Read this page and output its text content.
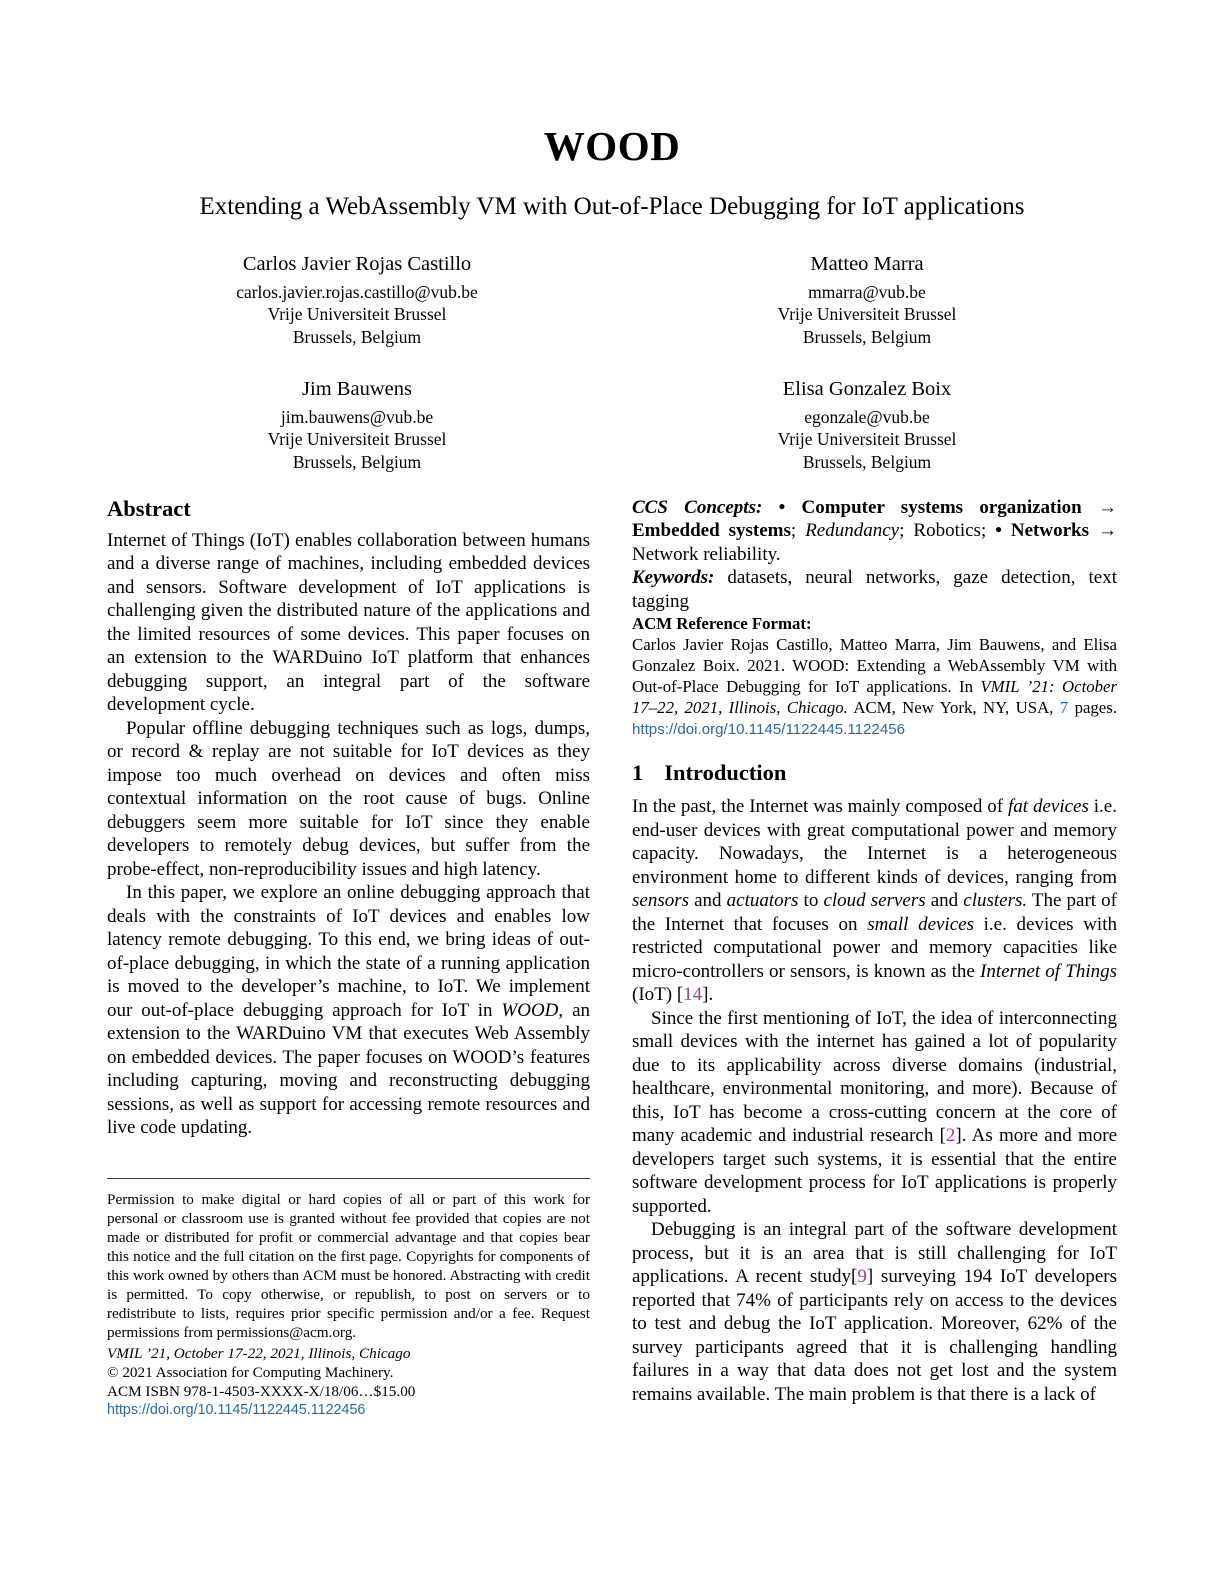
WOOD
Extending a WebAssembly VM with Out-of-Place Debugging for IoT applications
Carlos Javier Rojas Castillo
carlos.javier.rojas.castillo@vub.be
Vrije Universiteit Brussel
Brussels, Belgium
Matteo Marra
mmarra@vub.be
Vrije Universiteit Brussel
Brussels, Belgium
Jim Bauwens
jim.bauwens@vub.be
Vrije Universiteit Brussel
Brussels, Belgium
Elisa Gonzalez Boix
egonzale@vub.be
Vrije Universiteit Brussel
Brussels, Belgium
Abstract

Internet of Things (IoT) enables collaboration between humans and a diverse range of machines, including embedded devices and sensors. Software development of IoT applications is challenging given the distributed nature of the applications and the limited resources of some devices. This paper focuses on an extension to the WARDuino IoT platform that enhances debugging support, an integral part of the software development cycle.

Popular offline debugging techniques such as logs, dumps, or record & replay are not suitable for IoT devices as they impose too much overhead on devices and often miss contextual information on the root cause of bugs. Online debuggers seem more suitable for IoT since they enable developers to remotely debug devices, but suffer from the probe-effect, non-reproducibility issues and high latency.

In this paper, we explore an online debugging approach that deals with the constraints of IoT devices and enables low latency remote debugging. To this end, we bring ideas of out-of-place debugging, in which the state of a running application is moved to the developer’s machine, to IoT. We implement our out-of-place debugging approach for IoT in WOOD, an extension to the WARDuino VM that executes Web Assembly on embedded devices. The paper focuses on WOOD’s features including capturing, moving and reconstructing debugging sessions, as well as support for accessing remote resources and live code updating.

CCS Concepts: • Computer systems organization → Embedded systems; Redundancy; Robotics; • Networks → Network reliability.

Keywords: datasets, neural networks, gaze detection, text tagging

ACM Reference Format:
Carlos Javier Rojas Castillo, Matteo Marra, Jim Bauwens, and Elisa Gonzalez Boix. 2021. WOOD: Extending a WebAssembly VM with Out-of-Place Debugging for IoT applications. In VMIL ’21: October 17–22, 2021, Illinois, Chicago. ACM, New York, NY, USA, 7 pages. https://doi.org/10.1145/1122445.1122456
1 Introduction

In the past, the Internet was mainly composed of fat devices i.e. end-user devices with great computational power and memory capacity. Nowadays, the Internet is a heterogeneous environment home to different kinds of devices, ranging from sensors and actuators to cloud servers and clusters. The part of the Internet that focuses on small devices i.e. devices with restricted computational power and memory capacities like micro-controllers or sensors, is known as the Internet of Things (IoT) [14].

Since the first mentioning of IoT, the idea of interconnecting small devices with the internet has gained a lot of popularity due to its applicability across diverse domains (industrial, healthcare, environmental monitoring, and more). Because of this, IoT has become a cross-cutting concern at the core of many academic and industrial research [2]. As more and more developers target such systems, it is essential that the entire software development process for IoT applications is properly supported.

Debugging is an integral part of the software development process, but it is an area that is still challenging for IoT applications. A recent study[9] surveying 194 IoT developers reported that 74% of participants rely on access to the devices to test and debug the IoT application. Moreover, 62% of the survey participants agreed that it is challenging handling failures in a way that data does not get lost and the system remains available. The main problem is that there is a lack of

Permission to make digital or hard copies of all or part of this work for personal or classroom use is granted without fee provided that copies are not made or distributed for profit or commercial advantage and that copies bear this notice and the full citation on the first page. Copyrights for components of this work owned by others than ACM must be honored. Abstracting with credit is permitted. To copy otherwise, or republish, to post on servers or to redistribute to lists, requires prior specific permission and/or a fee. Request permissions from permissions@acm.org.
VMIL ’21, October 17-22, 2021, Illinois, Chicago
© 2021 Association for Computing Machinery.
ACM ISBN 978-1-4503-XXXX-X/18/06…$15.00
https://doi.org/10.1145/1122445.1122456
